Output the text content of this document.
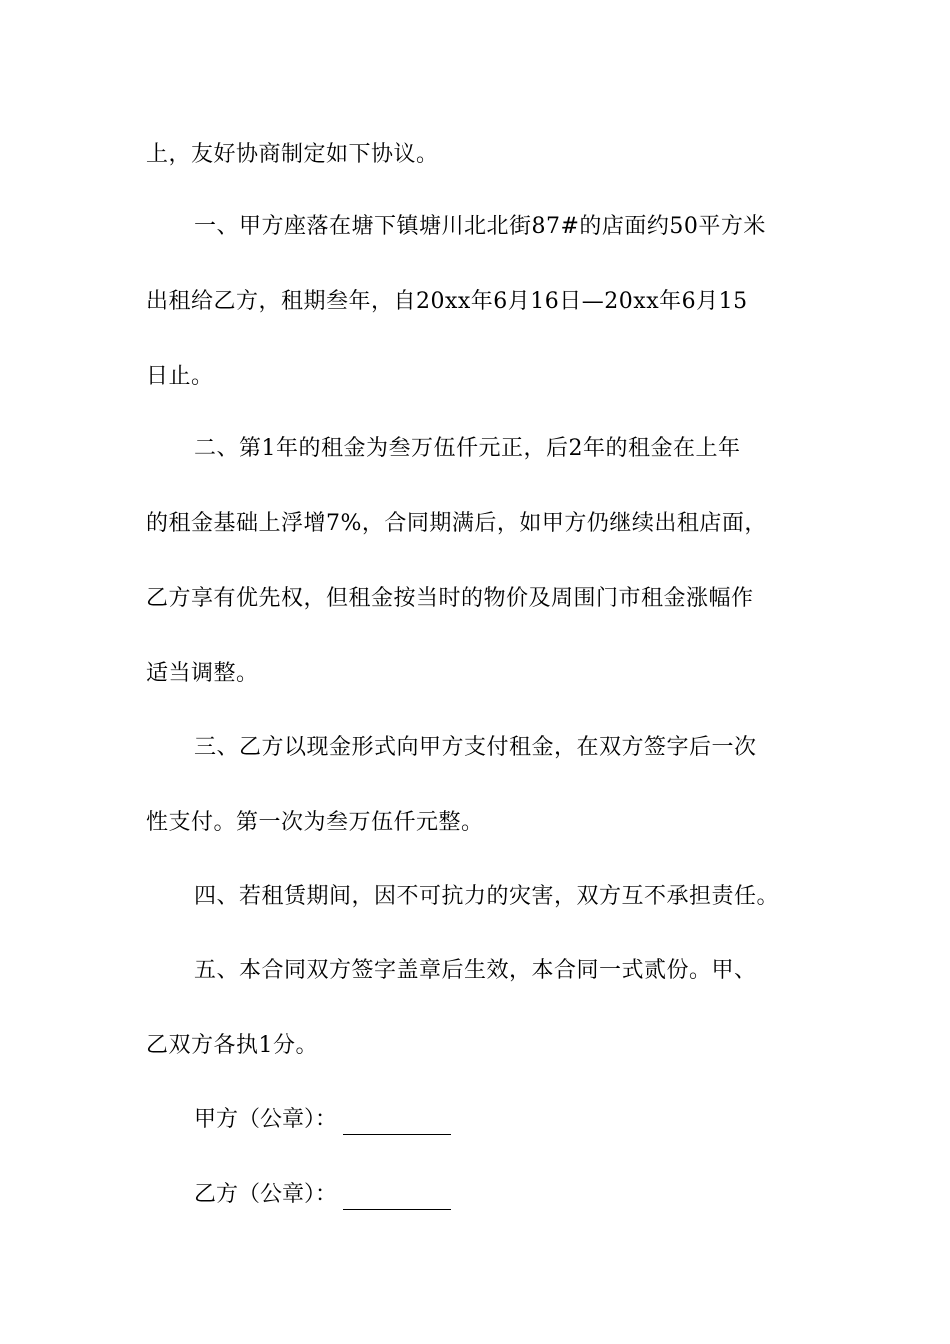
上，友好协商制定如下协议。
一、甲方座落在塘下镇塘川北北街87#的店面约50平方米
出租给乙方，租期叁年，自20xx年6月16日—20xx年6月15
日止。
二、第1年的租金为叁万伍仟元正，后2年的租金在上年
的租金基础上浮增7%，合同期满后，如甲方仍继续出租店面，
乙方享有优先权，但租金按当时的物价及周围门市租金涨幅作
适当调整。
三、乙方以现金形式向甲方支付租金，在双方签字后一次
性支付。第一次为叁万伍仟元整。
四、若租赁期间，因不可抗力的灾害，双方互不承担责任。
五、本合同双方签字盖章后生效，本合同一式贰份。甲、
乙双方各执1分。
甲方（公章）：
乙方（公章）：
